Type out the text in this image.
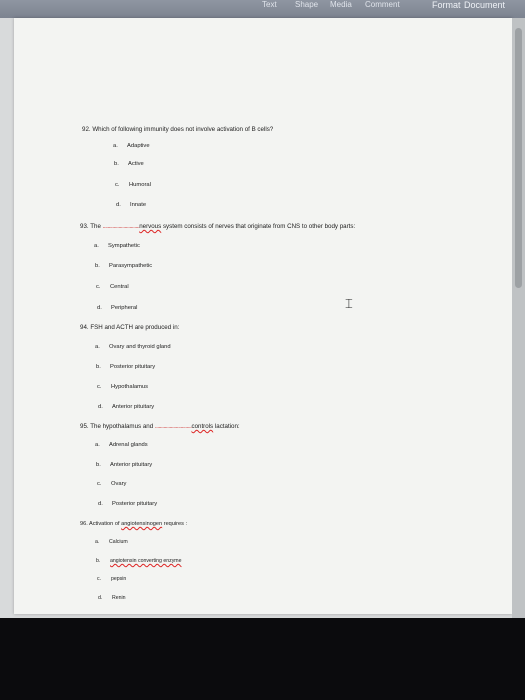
Text Shape Media Comment	Format Document
92. Which of following immunity does not involve activation of B cells?
a. Adaptive
b. Active
c. Humoral
d. Innate
93. The ..............................nervous system consists of nerves that originate from CNS to other body parts:
a. Sympathetic
b. Parasympathetic
c. Central
d. Peripheral
94. FSH and ACTH are produced in:
a. Ovary and thyroid gland
b. Posterior pituitary
c. Hypothalamus
d. Anterior pituitary
95. The hypothalamus and ..............................controls lactation:
a. Adrenal glands
b. Anterior pituitary
c. Ovary
d. Posterior pituitary
96. Activation of angiotensinogen requires :
a. Calcium
b. angiotensin converting enzyme
c. pepsin
d. Renin
⌶
